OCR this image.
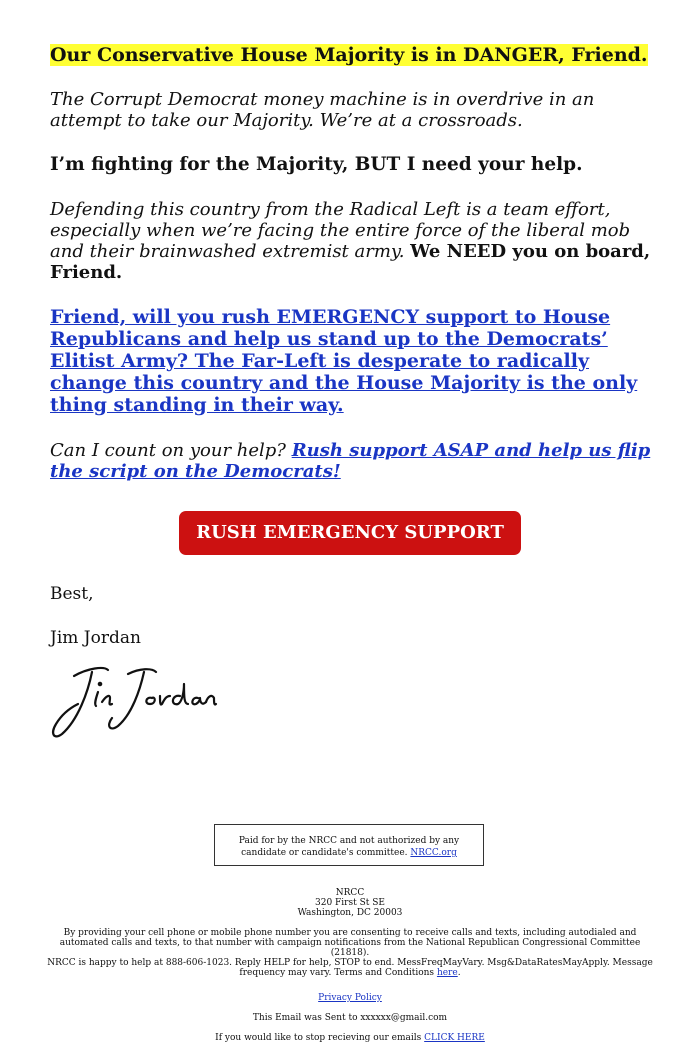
Our Conservative House Majority is in DANGER, Friend.

The Corrupt Democrat money machine is in overdrive in an attempt to take our Majority. We’re at a crossroads.

I’m fighting for the Majority, BUT I need your help.

Defending this country from the Radical Left is a team effort, especially when we’re facing the entire force of the liberal mob and their brainwashed extremist army. We NEED you on board, Friend.

Friend, will you rush EMERGENCY support to House Republicans and help us stand up to the Democrats’ Elitist Army? The Far-Left is desperate to radically change this country and the House Majority is the only thing standing in their way.

Can I count on your help? Rush support ASAP and help us flip the script on the Democrats!

RUSH EMERGENCY SUPPORT
Best,
Jim Jordan
Paid for by the NRCC and not authorized by any candidate or candidate's committee. NRCC.org
NRCC
320 First St SE
Washington, DC 20003
By providing your cell phone or mobile phone number you are consenting to receive calls and texts, including autodialed and automated calls and texts, to that number with campaign notifications from the National Republican Congressional Committee (21818).
NRCC is happy to help at 888-606-1023. Reply HELP for help, STOP to end. MessFreqMayVary. Msg&DataRatesMayApply. Message frequency may vary. Terms and Conditions here.
Privacy Policy
This Email was Sent to xxxxxx@gmail.com
If you would like to stop recieving our emails CLICK HERE
